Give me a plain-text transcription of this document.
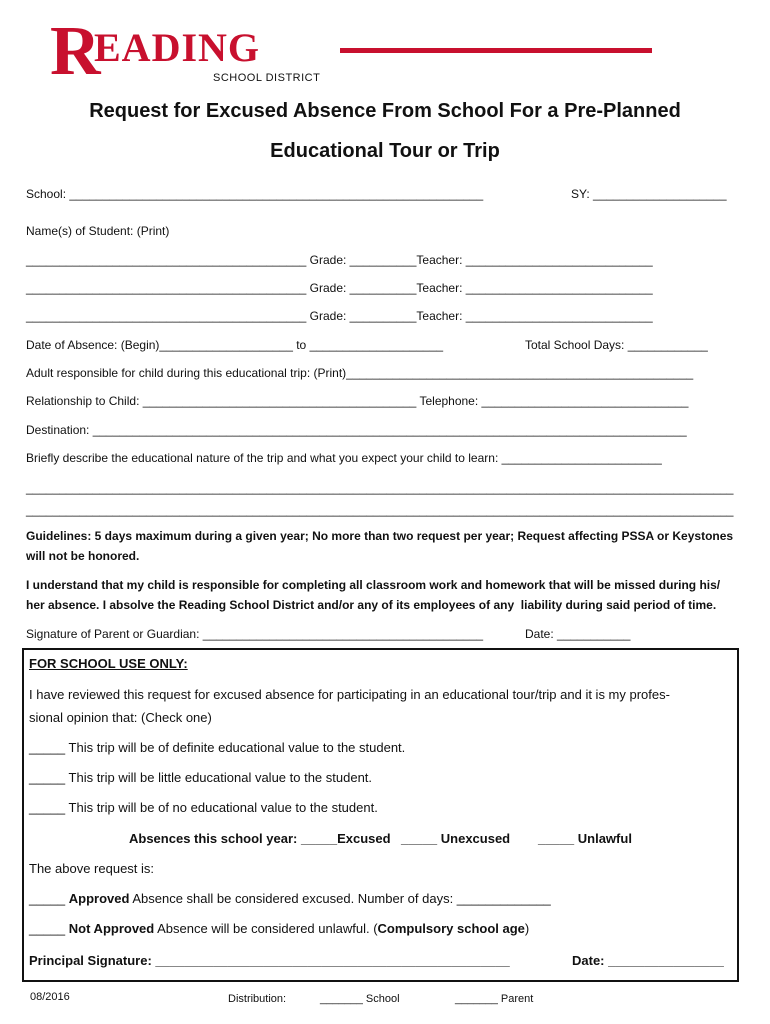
R
EADING
SCHOOL DISTRICT
Request for Excused Absence From School For a Pre-Planned
Educational Tour or Trip
School: ______________________________________________________________	SY: ____________________
Name(s) of Student: (Print)
__________________________________________ Grade: __________Teacher: ____________________________
__________________________________________ Grade: __________Teacher: ____________________________
__________________________________________ Grade: __________Teacher: ____________________________
Date of Absence: (Begin)____________________ to ____________________	Total School Days: ____________
Adult responsible for child during this educational trip: (Print)____________________________________________________
Relationship to Child: _________________________________________ Telephone: _______________________________
Destination: _________________________________________________________________________________________
Briefly describe the educational nature of the trip and what you expect your child to learn: ________________________
__________________________________________________________________________________________________________
__________________________________________________________________________________________________________
Guidelines: 5 days maximum during a given year; No more than two request per year; Request affecting PSSA or Keystones
will not be honored.
I understand that my child is responsible for completing all classroom work and homework that will be missed during his/
her absence. I absolve the Reading School District and/or any of its employees of any  liability during said period of time.
Signature of Parent or Guardian: __________________________________________	Date: ___________
FOR SCHOOL USE ONLY:
I have reviewed this request for excused absence for participating in an educational tour/trip and it is my profes-
sional opinion that: (Check one)
_____ This trip will be of definite educational value to the student.
_____ This trip will be little educational value to the student.
_____ This trip will be of no educational value to the student.
Absences this school year: _____Excused _____ Unexcused _____ Unlawful
The above request is:
_____ Approved Absence shall be considered excused. Number of days: _____________
_____ Not Approved Absence will be considered unlawful. (Compulsory school age)
Principal Signature: _________________________________________________	Date: ________________
08/2016	Distribution:	_______ School	_______ Parent
